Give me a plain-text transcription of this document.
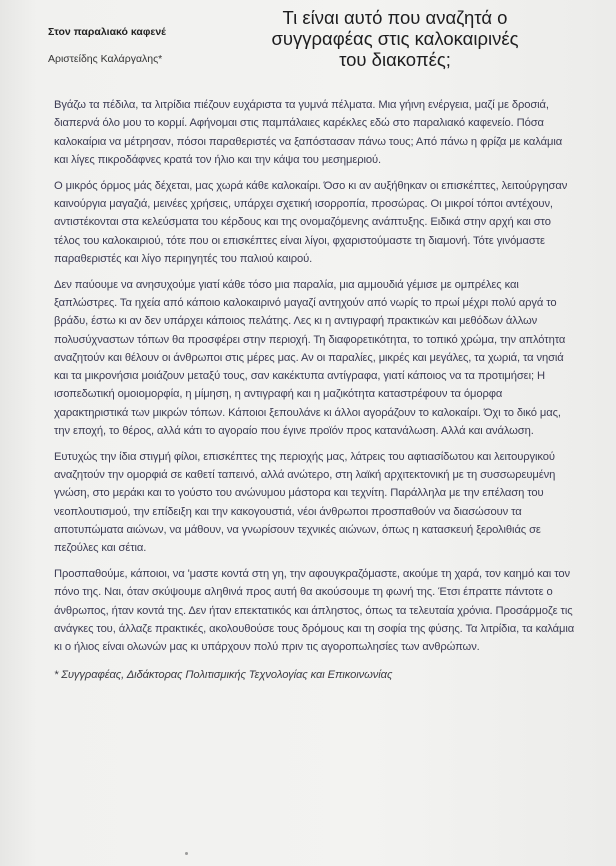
Στον παραλιακό καφενέ

Αριστείδης Καλάργαλης*
Τι είναι αυτό που αναζητά ο συγγραφέας στις καλοκαιρινές του διακοπές;

Βγάζω τα πέδιλα, τα λιτρίδια πιέζουν ευχάριστα τα γυμνά πέλματα. Μια γήινη ενέργεια, μαζί με δροσιά, διαπερνά όλο μου το κορμί. Αφήνομαι στις παμπάλαιες καρέκλες εδώ στο παραλιακό καφενείο. Πόσα καλοκαίρια να μέτρησαν, πόσοι παραθεριστές να ξαπόστασαν πάνω τους; Από πάνω η φρίζα με καλάμια και λίγες πικροδάφνες κρατά τον ήλιο και την κάψα του μεσημεριού.

Ο μικρός όρμος μάς δέχεται, μας χωρά κάθε καλοκαίρι. Όσο κι αν αυξήθηκαν οι επισκέπτες, λειτούργησαν καινούργια μαγαζιά, μεινέες χρήσεις, υπάρχει σχετική ισορροπία, προσώρας. Οι μικροί τόποι αντέχουν, αντιστέκονται στα κελεύσματα του κέρδους και της ονομαζόμενης ανάπτυξης. Ειδικά στην αρχή και στο τέλος του καλοκαιριού, τότε που οι επισκέπτες είναι λίγοι, φχαριστούμαστε τη διαμονή. Τότε γινόμαστε παραθεριστές και λίγο περιηγητές του παλιού καιρού.

Δεν παύουμε να ανησυχούμε γιατί κάθε τόσο μια παραλία, μια αμμουδιά γέμισε με ομπρέλες και ξαπλώστρες. Τα ηχεία από κάποιο καλοκαιρινό μαγαζί αντηχούν από νωρίς το πρωί μέχρι πολύ αργά το βράδυ, έστω κι αν δεν υπάρχει κάποιος πελάτης. Λες κι η αντιγραφή πρακτικών και μεθόδων άλλων πολυσύχναστων τόπων θα προσφέρει στην περιοχή. Τη διαφορετικότητα, το τοπικό χρώμα, την απλότητα αναζητούν και θέλουν οι άνθρωποι στις μέρες μας. Αν οι παραλίες, μικρές και μεγάλες, τα χωριά, τα νησιά και τα μικρονήσια μοιάζουν μεταξύ τους, σαν κακέκτυπα αντίγραφα, γιατί κάποιος να τα προτιμήσει; Η ισοπεδωτική ομοιομορφία, η μίμηση, η αντιγραφή και η μαζικότητα καταστρέφουν τα όμορφα χαρακτηριστικά των μικρών τόπων. Κάποιοι ξεπουλάνε κι άλλοι αγοράζουν το καλοκαίρι. Όχι το δικό μας, την εποχή, το θέρος, αλλά κάτι το αγοραίο που έγινε προϊόν προς κατανάλωση. Αλλά και ανάλωση.

Ευτυχώς την ίδια στιγμή φίλοι, επισκέπτες της περιοχής μας, λάτρεις του αφτιασίδωτου και λειτουργικού αναζητούν την ομορφιά σε καθετί ταπεινό, αλλά ανώτερο, στη λαϊκή αρχιτεκτονική με τη συσσωρευμένη γνώση, στο μεράκι και το γούστο του ανώνυμου μάστορα και τεχνίτη. Παράλληλα με την επέλαση του νεοπλουτισμού, την επίδειξη και την κακογουστιά, νέοι άνθρωποι προσπαθούν να διασώσουν τα αποτυπώματα αιώνων, να μάθουν, να γνωρίσουν τεχνικές αιώνων, όπως η κατασκευή ξερολιθιάς σε πεζούλες και σέτια.

Προσπαθούμε, κάποιοι, να 'μαστε κοντά στη γη, την αφουγκραζόμαστε, ακούμε τη χαρά, τον καημό και τον πόνο της. Ναι, όταν σκύψουμε αληθινά προς αυτή θα ακούσουμε τη φωνή της. Έτσι έπραττε πάντοτε ο άνθρωπος, ήταν κοντά της. Δεν ήταν επεκτατικός και άπληστος, όπως τα τελευταία χρόνια. Προσάρμοζε τις ανάγκες του, άλλαζε πρακτικές, ακολουθούσε τους δρόμους και τη σοφία της φύσης. Τα λιτρίδια, τα καλάμια κι ο ήλιος είναι ολωνών μας κι υπάρχουν πολύ πριν τις αγοροπωλησίες των ανθρώπων.

* Συγγραφέας, Διδάκτορας Πολιτισμικής Τεχνολογίας και Επικοινωνίας
